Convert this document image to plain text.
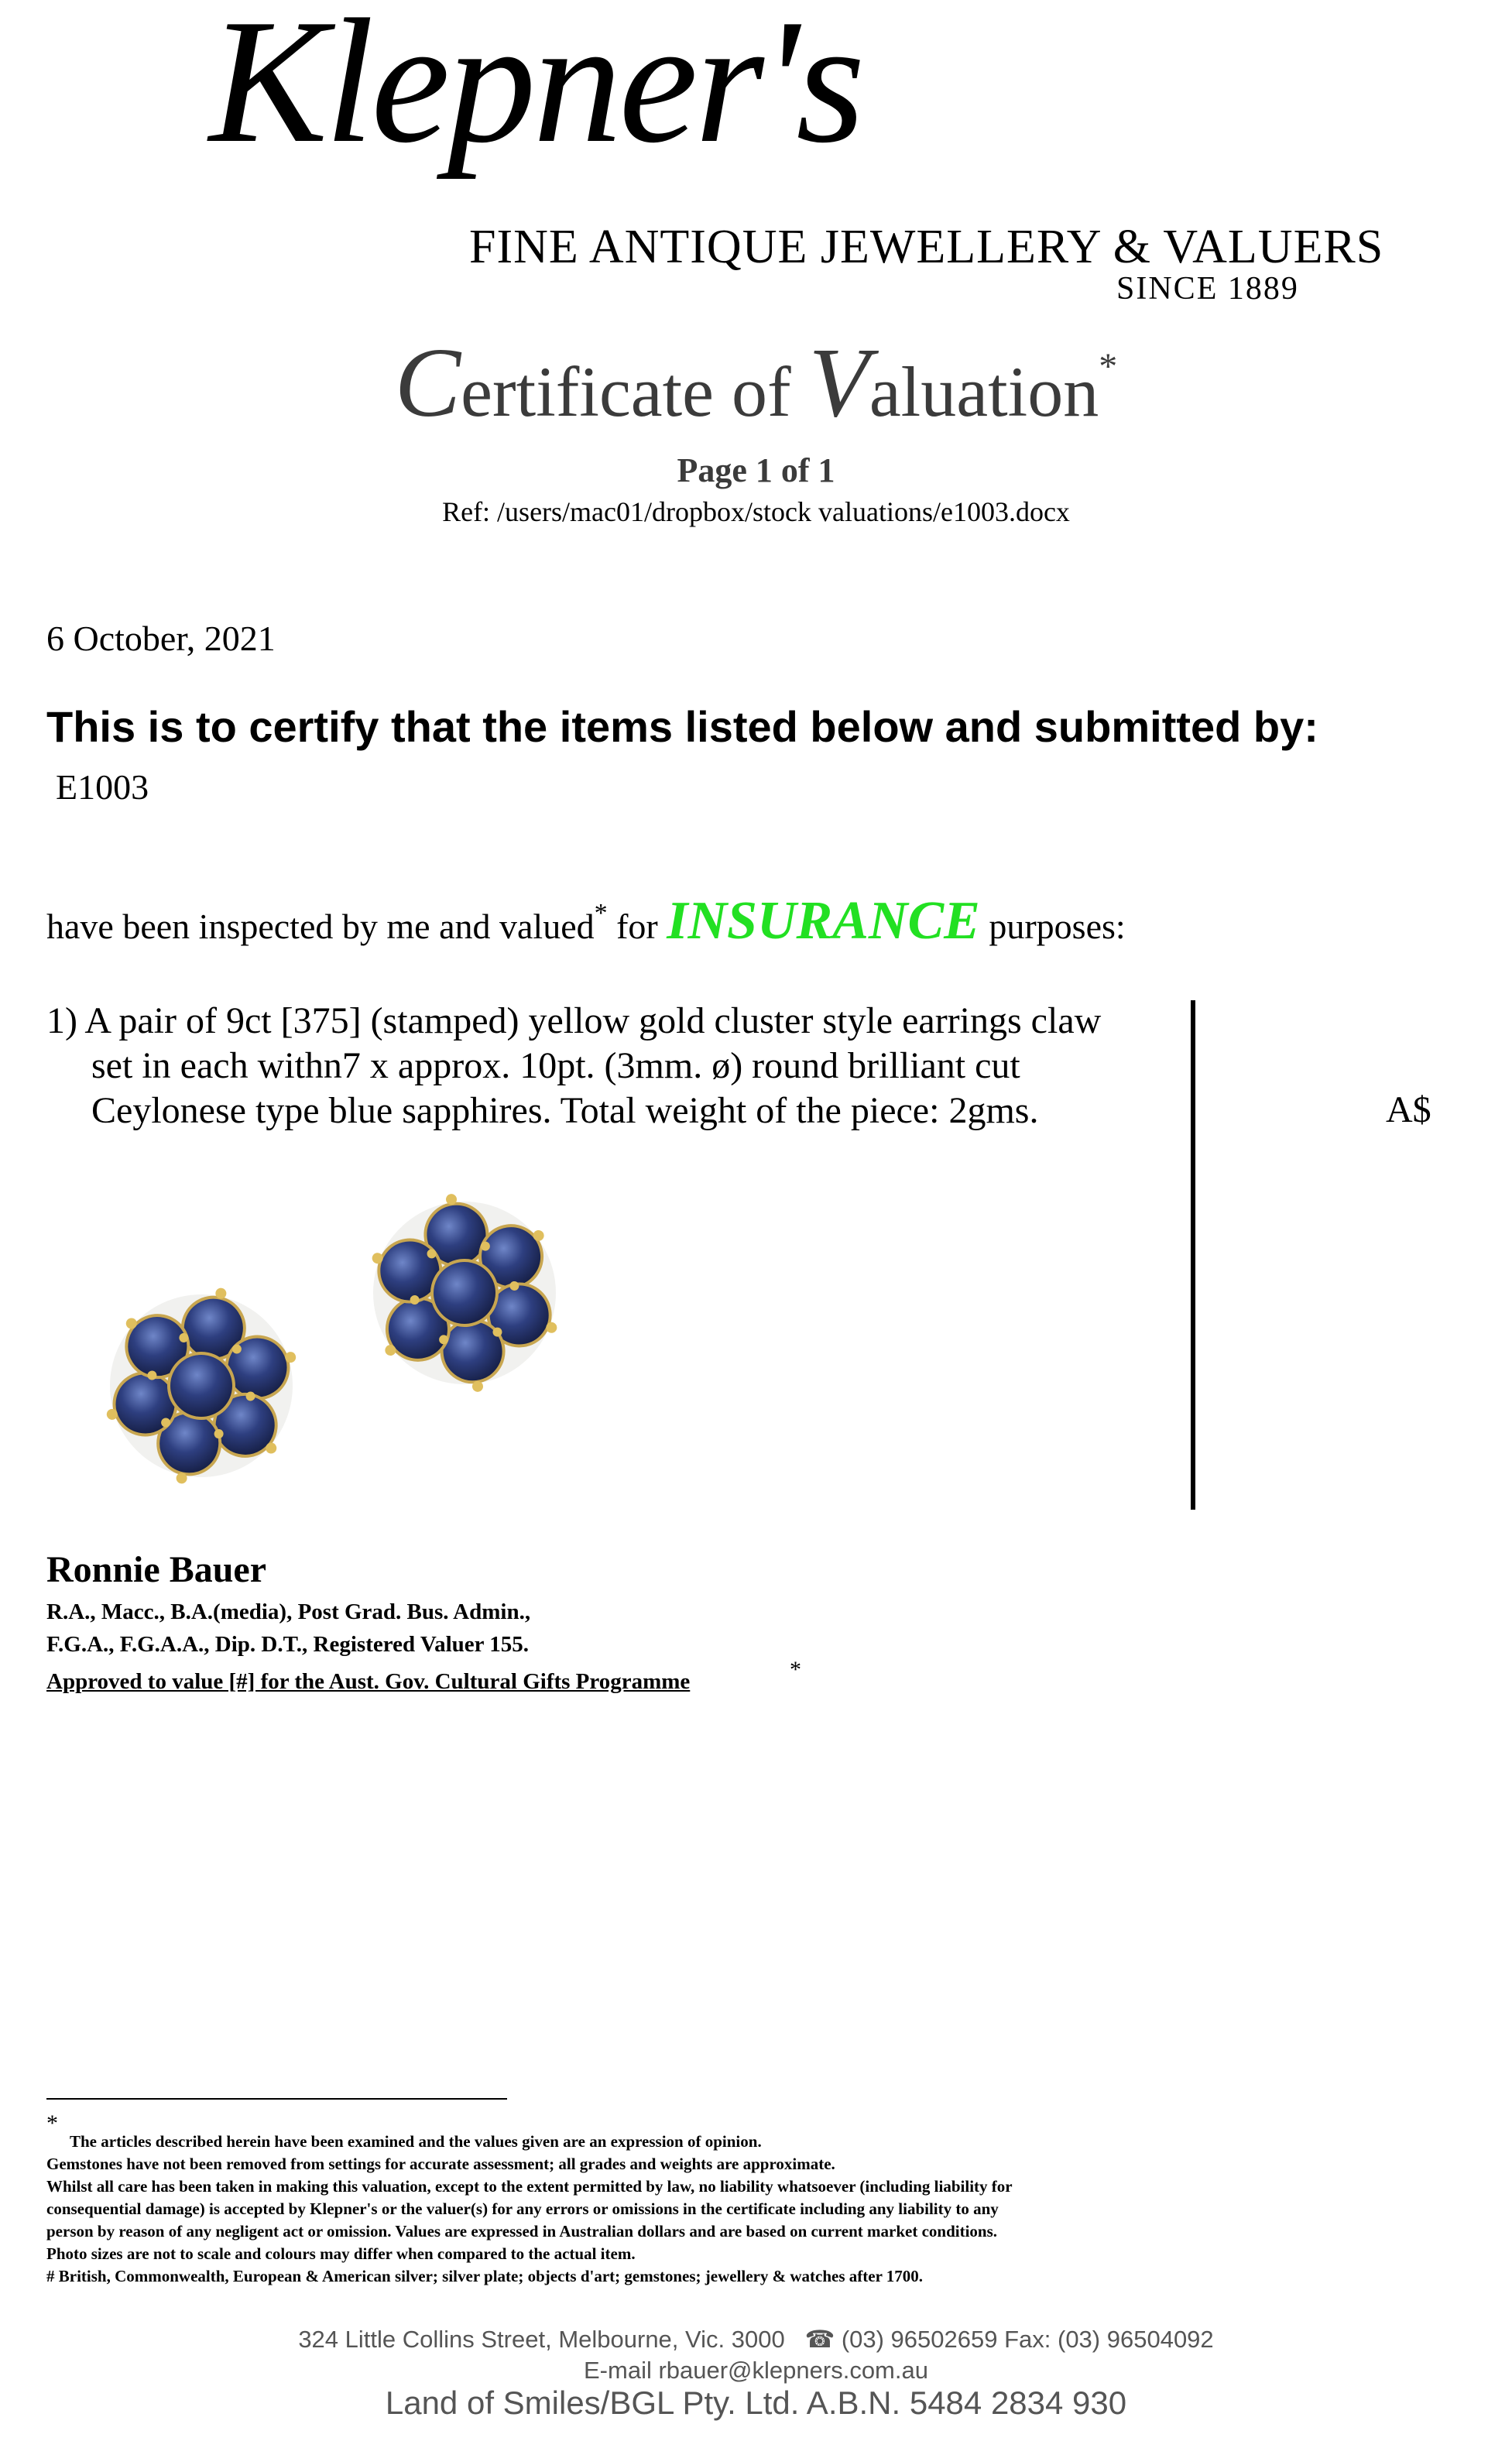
Klepner's
FINE ANTIQUE JEWELLERY & VALUERS
SINCE 1889
Certificate of Valuation*
Page 1 of 1
Ref: /users/mac01/dropbox/stock valuations/e1003.docx
6 October, 2021
This is to certify that the items listed below and submitted by:
E1003
have been inspected by me and valued* for INSURANCE purposes:
1) A pair of 9ct [375] (stamped) yellow gold cluster style earrings claw
set in each withn7 x approx. 10pt. (3mm. ø) round brilliant cut
Ceylonese type blue sapphires. Total weight of the piece: 2gms.	A$
Ronnie Bauer
R.A., Macc., B.A.(media), Post Grad. Bus. Admin.,
F.G.A., F.G.A.A., Dip. D.T., Registered Valuer 155.
Approved to value [#] for the Aust. Gov. Cultural Gifts Programme	*
*
The articles described herein have been examined and the values given are an expression of opinion.
Gemstones have not been removed from settings for accurate assessment; all grades and weights are approximate.
Whilst all care has been taken in making this valuation, except to the extent permitted by law, no liability whatsoever (including liability for
consequential damage) is accepted by Klepner's or the valuer(s) for any errors or omissions in the certificate including any liability to any
person by reason of any negligent act or omission. Values are expressed in Australian dollars and are based on current market conditions.
Photo sizes are not to scale and colours may differ when compared to the actual item.
# British, Commonwealth, European & American silver; silver plate; objects d'art; gemstones; jewellery & watches after 1700.
324 Little Collins Street, Melbourne, Vic. 3000 ☎ (03) 96502659 Fax: (03) 96504092
E-mail rbauer@klepners.com.au
Land of Smiles/BGL Pty. Ltd. A.B.N. 5484 2834 930
